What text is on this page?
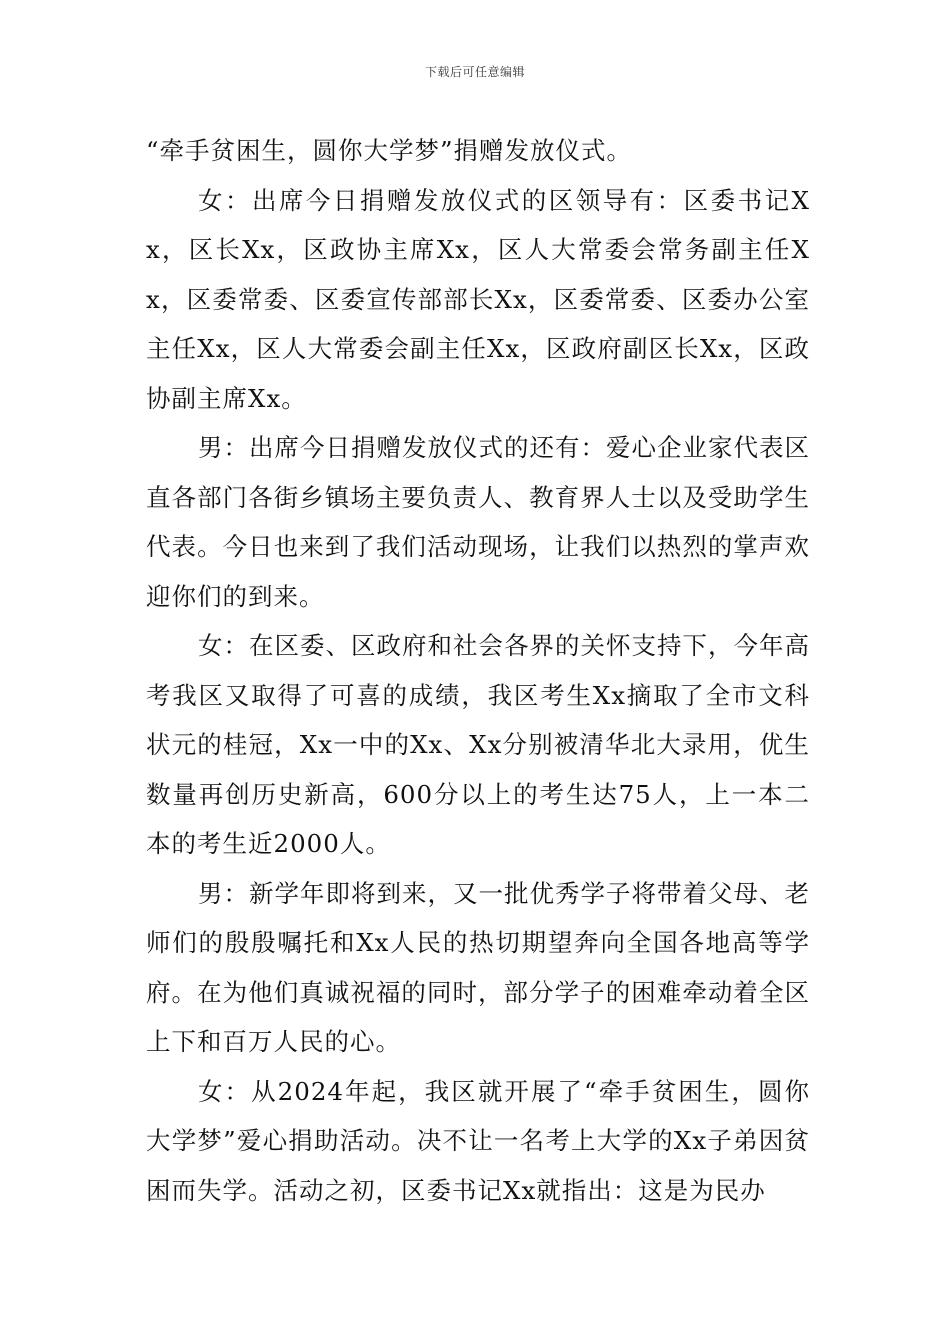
下载后可任意编辑

“牵手贫困生，圆你大学梦”捐赠发放仪式。

女：出席今日捐赠发放仪式的区领导有：区委书记Xx，区长Xx，区政协主席Xx，区人大常委会常务副主任Xx，区委常委、区委宣传部部长Xx，区委常委、区委办公室主任Xx，区人大常委会副主任Xx，区政府副区长Xx，区政协副主席Xx。

男：出席今日捐赠发放仪式的还有：爱心企业家代表区直各部门各街乡镇场主要负责人、教育界人士以及受助学生代表。今日也来到了我们活动现场，让我们以热烈的掌声欢迎你们的到来。

女：在区委、区政府和社会各界的关怀支持下，今年高考我区又取得了可喜的成绩，我区考生Xx摘取了全市文科状元的桂冠，Xx一中的Xx、Xx分别被清华北大录用，优生数量再创历史新高，600分以上的考生达75人，上一本二本的考生近2000人。

男：新学年即将到来，又一批优秀学子将带着父母、老师们的殷殷嘱托和Xx人民的热切期望奔向全国各地高等学府。在为他们真诚祝福的同时，部分学子的困难牵动着全区上下和百万人民的心。

女：从2024年起，我区就开展了“牵手贫困生，圆你大学梦”爱心捐助活动。决不让一名考上大学的Xx子弟因贫困而失学。活动之初，区委书记Xx就指出：这是为民办
